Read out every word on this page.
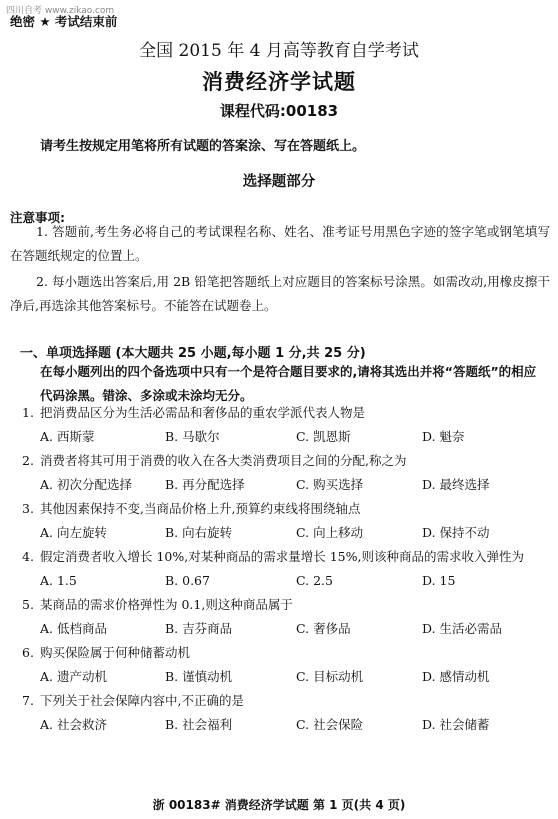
四川自考 www.zikao.com
绝密 ★ 考试结束前
全国 2015 年 4 月高等教育自学考试
消费经济学试题
课程代码:00183
请考生按规定用笔将所有试题的答案涂、写在答题纸上。
选择题部分
注意事项:
1. 答题前,考生务必将自己的考试课程名称、姓名、准考证号用黑色字迹的签字笔或钢笔填写在答题纸规定的位置上。
2. 每小题选出答案后,用 2B 铅笔把答题纸上对应题目的答案标号涂黑。如需改动,用橡皮擦干净后,再选涂其他答案标号。不能答在试题卷上。
一、单项选择题 (本大题共 25 小题,每小题 1 分,共 25 分)
在每小题列出的四个备选项中只有一个是符合题目要求的,请将其选出并将“答题纸”的相应代码涂黑。错涂、多涂或未涂均无分。
1. 把消费品区分为生活必需品和奢侈品的重农学派代表人物是
A. 西斯蒙	B. 马歇尔	C. 凯恩斯	D. 魁奈
2. 消费者将其可用于消费的收入在各大类消费项目之间的分配,称之为
A. 初次分配选择	B. 再分配选择	C. 购买选择	D. 最终选择
3. 其他因素保持不变,当商品价格上升,预算约束线将围绕轴点
A. 向左旋转	B. 向右旋转	C. 向上移动	D. 保持不动
4. 假定消费者收入增长 10%,对某种商品的需求量增长 15%,则该种商品的需求收入弹性为
A. 1.5	B. 0.67	C. 2.5	D. 15
5. 某商品的需求价格弹性为 0.1,则这种商品属于
A. 低档商品	B. 吉芬商品	C. 奢侈品	D. 生活必需品
6. 购买保险属于何种储蓄动机
A. 遗产动机	B. 谨慎动机	C. 目标动机	D. 感情动机
7. 下列关于社会保障内容中,不正确的是
A. 社会救济	B. 社会福利	C. 社会保险	D. 社会储蓄
浙 00183# 消费经济学试题 第 1 页(共 4 页)
